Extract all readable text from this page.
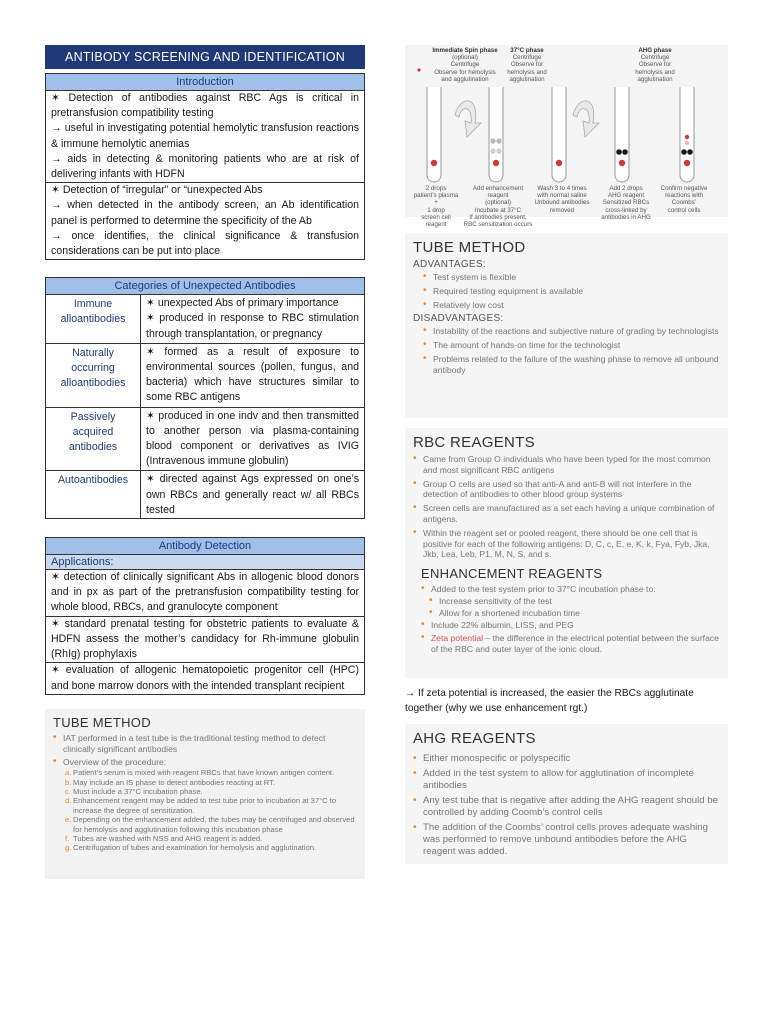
ANTIBODY SCREENING AND IDENTIFICATION
Introduction
✶ Detection of antibodies against RBC Ags is critical in pretransfusion compatibility testing
→ useful in investigating potential hemolytic transfusion reactions & immune hemolytic anemias
→ aids in detecting & monitoring patients who are at risk of delivering infants with HDFN
✶ Detection of “irregular” or “unexpected Abs
→ when detected in the antibody screen, an Ab identification panel is performed to determine the specificity of the Ab
→ once identifies, the clinical significance & transfusion considerations can be put into place
Categories of Unexpected Antibodies
Immune alloantibodies	✶ unexpected Abs of primary importance
✶ produced in response to RBC stimulation through transplantation, or pregnancy

Naturally occurring alloantibodies	✶ formed as a result of exposure to environmental sources (pollen, fungus, and bacteria) which have structures similar to some RBC antigens
Passively acquired antibodies	✶ produced in one indv and then transmitted to another person via plasma-containing blood component or derivatives as IVIG (Intravenous immune globulin)
Autoantibodies	✶ directed against Ags expressed on one’s own RBCs and generally react w/ all RBCs tested
Antibody Detection
Applications:
✶ detection of clinically significant Abs in allogenic blood donors and in px as part of the pretransfusion compatibility testing for whole blood, RBCs, and granulocyte component
✶ standard prenatal testing for obstetric patients to evaluate & HDFN assess the mother’s candidacy for Rh-immune globulin (RhIg) prophylaxis
✶ evaluation of allogenic hematopoietic progenitor cell (HPC) and bone marrow donors with the intended transplant recipient
TUBE METHOD
• IAT performed in a test tube is the traditional testing method to detect clinically significant antibodies
• Overview of the procedure:
a. Patient’s serum is mixed with reagent RBCs that have known antigen content.
b. May include an IS phase to detect antibodies reacting at RT.
c. Must include a 37°C incubation phase.
d. Enhancement reagent may be added to test tube prior to incubation at 37°C to increase the degree of sensitization.
e. Depending on the enhancement added, the tubes may be centrifuged and observed for hemolysis and agglutination following this incubation phase
f. Tubes are washed with NSS and AHG reagent is added.
g. Centrifugation of tubes and examination for hemolysis and agglutination.
Immediate Spin phase
(optional)
Centrifuge
Observe for hemolysis
and agglutination
37°C phase
Centrifuge
Observe for
hemolysis and
agglutination
AHG phase
Centrifuge
Observe for
hemolysis and
agglutination
2 drops
patient’s plasma
+
1 drop
screen cell reagent
Add enhancement reagent
(optional)
Incubate at 37°C
If antibodies present,
RBC sensitization occurs
Wash 3 to 4 times
with normal saline
Unbound antibodies
removed
Add 2 drops
AHG reagent
Sensitized RBCs
cross-linked by
antibodies in AHG
Confirm negative
reactions with Coombs’
control cells
TUBE METHOD
ADVANTAGES:
• Test system is flexible
• Required testing equipment is available
• Relatively low cost
DISADVANTAGES:
• Instability of the reactions and subjective nature of grading by technologists
• The amount of hands-on time for the technologist
• Problems related to the failure of the washing phase to remove all unbound antibody
RBC REAGENTS
• Came from Group O individuals who have been typed for the most common and most significant RBC antigens
• Group O cells are used so that anti-A and anti-B will not interfere in the detection of antibodies to other blood group systems
• Screen cells are manufactured as a set each having a unique combination of antigens.
• Within the reagent set or pooled reagent, there should be one cell that is positive for each of the following antigens: D, C, c, E, e, K, k, Fya, Fyb, Jka, Jkb, Lea, Leb, P1, M, N, S, and s.
ENHANCEMENT REAGENTS
• Added to the test system prior to 37°C incubation phase to:
• Increase sensitivity of the test
• Allow for a shortened incubation time
• Include 22% albumin, LISS, and PEG
• Zeta potential – the difference in the electrical potential between the surface of the RBC and outer layer of the ionic cloud.
→ If zeta potential is increased, the easier the RBCs agglutinate together (why we use enhancement rgt.)
AHG REAGENTS
• Either monospecific or polyspecific
• Added in the test system to allow for agglutination of incomplete antibodies
• Any test tube that is negative after adding the AHG reagent should be controlled by adding Coomb’s control cells
• The addition of the Coombs’ control cells proves adequate washing was performed to remove unbound antibodies before the AHG reagent was added.
